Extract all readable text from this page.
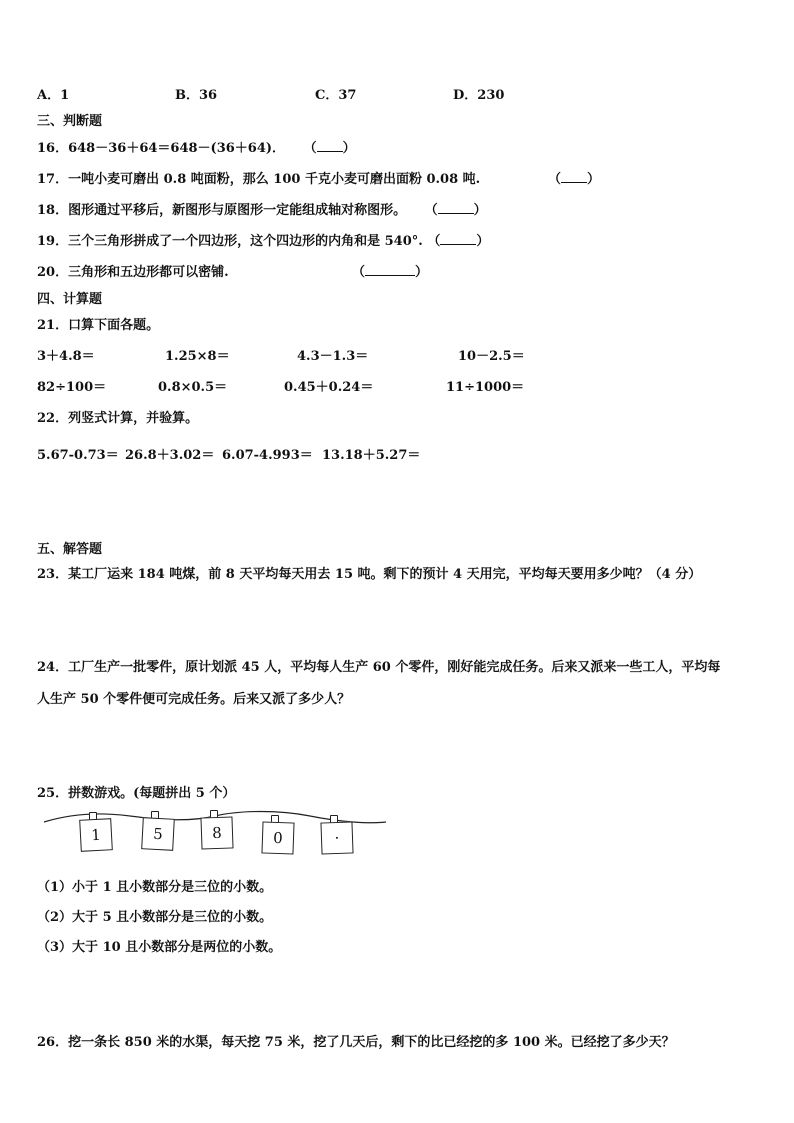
A．1	B．36	C．37	D．230
三、判断题
16．648－36＋64＝648－(36＋64)． （ ）
17．一吨小麦可磨出 0.8 吨面粉，那么 100 千克小麦可磨出面粉 0.08 吨.	（ ）
18．图形通过平移后，新图形与原图形一定能组成轴对称图形。 （	）
19．三个三角形拼成了一个四边形，这个四边形的内角和是 540°. （	）
20．三角形和五边形都可以密铺.	（	）
四、计算题
21．口算下面各题。
3＋4.8＝	1.25×8＝	4.3－1.3＝	10－2.5＝
82÷100＝	0.8×0.5＝	0.45＋0.24＝	11÷1000＝
22．列竖式计算，并验算。
5.67-0.73＝ 26.8＋3.02＝ 6.07-4.993＝ 13.18＋5.27＝
五、解答题
23．某工厂运来 184 吨煤，前 8 天平均每天用去 15 吨。剩下的预计 4 天用完，平均每天要用多少吨？（4 分）
24．工厂生产一批零件，原计划派 45 人，平均每人生产 60 个零件，刚好能完成任务。后来又派来一些工人，平均每
人生产 50 个零件便可完成任务。后来又派了多少人？
25．拼数游戏。(每题拼出 5 个）
1	5	8	0	·
（1）小于 1 且小数部分是三位的小数。
（2）大于 5 且小数部分是三位的小数。
（3）大于 10 且小数部分是两位的小数。
26．挖一条长 850 米的水渠，每天挖 75 米，挖了几天后，剩下的比已经挖的多 100 米。已经挖了多少天？
